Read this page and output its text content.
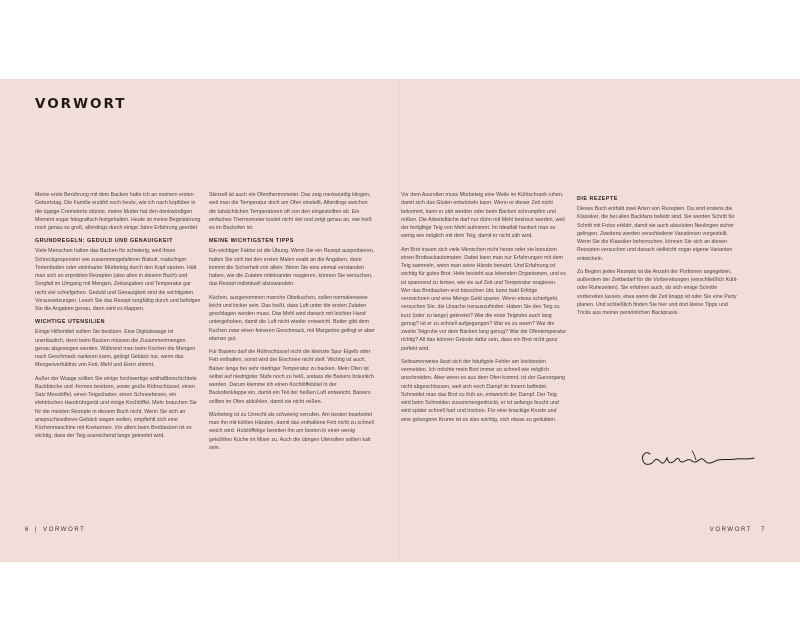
VORWORT

Meine erste Berührung mit dem Backen hatte ich an meinem ersten Geburtstag. Die Familie erzählt noch heute, wie ich nach kopfüber in die üppige Cremetorte stürzte, meine Mutter hat den denkwürdigen Moment sogar fotografisch festgehalten. Heute ist meine Begeisterung noch genau so groß, allerdings durch einige Jahre Erfahrung geerdet.

GRUNDREGELN: GEDULD UND GENAUIGKEIT

Viele Menschen halten das Backen für schwierig, weil ihnen Schreckgespenster wie zusammengefallener Biskuit, matschiger Tortenboden oder steinharter Mürbeteig durch den Kopf spuken. Hält man sich an erprobten Rezepten (also allen in diesem Buch) und Sorgfalt im Umgang mit Mengen, Zeitangaben und Temperatur gar nicht viel schiefgehen. Geduld und Genauigkeit sind die wichtigsten Voraussetzungen. Leseh Sie das Rezept sorgfältig durch und befolgen Sie die Angaben genau, dann wird es klappen.

WICHTIGE UTENSILIEN

Einige Hilfsmittel sollten Sie besitzen. Eine Digitalwaage ist unerlässlich, denn beim Backen müssen die Zusammenmengen genau abgewogen werden. Während man beim Kochen die Mengen nach Geschmack variieren kann, gelingt Gebäck nur, wenn das Mengenverhältnis von Fett, Mehl und Eiern stimmt.

Außer der Waage sollten Sie einige hochwertige antihaftbeschichtete Backbleche und -formen besitzen, sowie große Rührschüssel, einen Satz Messlöffel, einen Teigschaber, einen Schneebesen, ein elektrisches Handrührgerät und einige Kochlöffel. Mehr brauchen Sie für die meisten Rezepte in diesem Buch nicht. Wenn Sie sich an anspruchsvolleres Gebäck wagen wollen, empfiehlt sich eine Küchenmaschine mit Knetarmen. Vor allem beim Brotbacken ist es wichtig, dass der Teig ausreichend lange geknetet wird.

Skinzell ist auch ein Ofenthermometer. Das zeig merkwürdig klingen, weil man die Temperatur doch am Ofen einstellt. Allerdings weichen die tatsächlichen Temperaturen oft von den eingestellten ab. Ein einfaches Thermometer kostet nicht viel und zeigt genau an, wie heiß es im Backofen ist.

MEINE WICHTIGSTEN TIPPS

Ein wichtiger Faktor ist die Übung. Wenn Sie ein Rezept ausprobieren, halten Sie sich bei den ersten Malen exakt an die Angaben, dann kommt die Sicherheit von allein. Wenn Sie eins einmal verstanden haben, wie die Zutaten miteinander reagieren, können Sie versuchen, das Rezept individuell abzuwandeln.

Küchen, ausgenommen manche Obstkuchen, sollen normalerweise leicht und locker sein. Das heißt, dass Luft unter die ersten Zutaten geschlagen werden muss. Das Mehl wird danach mit leichter Hand untergehoben, damit die Luft nicht wieder entweicht. Butter gibt dem Kuchen zwar einen feineren Geschmack, mit Margarine gelingt er aber ebenso gut.

Für Basiers darf die Rührschüssel nicht die kleinste Spur Eigelb oder Fett enthalten, sonst wird der Eischnee nicht steif. Wichtig ist auch, Baiser lange bei sehr niedriger Temperatur zu backen. Mein Ofen ist selbst auf niedrigster Stufe noch zu heiß, sodass die Baisers bräunlich werden. Darum klemme ich einen Kochlöffelstiel in der Backofenklappe ein, damit ein Teil der heißen Luft entweicht. Baisers sollten im Ofen abkühlen, damit sie nicht reißen.

Mürbeteig ist zu Unrecht als schwierig verrufen. Am besten bearbeitet man ihn mit kühlen Händen, damit das enthaltene Fett nicht zu schnell weich wird. Holzlöffelige bereiten ihn am besten in einer wenig gekühlten Küche im Mixer zu. Auch die übrigen Utensilien sollten kalt sein.

Vor dem Ausrollen muss Mürbeteig eine Weile im Kühlschrank ruhen, damit sich das Gluten entwickeln kann. Wenn er dieser Zeit nicht bekommt, kann er zäh werden oder beim Backen schrumpfen und reißen. Die Arbeitsfläche darf nur dünn mit Mehl bestreut werden, weil der fertigfiige Teig von Mehl aufnimmt. Im Idealfall hantiert man so wenig wie möglich mit dem Teig, damit er nicht zäh wird.

Am Brot trauen sich viele Menschen nicht heran oder sie benutzen einen Brotbackautomaten. Dabei kann man nur Erfahrungen mit dem Teig sammeln, wenn man seine Hände benutzt. Und Erfahrung ist wichtig für gutes Brot. Hefe besteht aus lebenden Organismen, und es ist spannend zu lernen, wie sie auf Zeit und Temperatur reagieren. Wer das Brotbacken erst bissschen übt, kann bald Erfolge verzeichnen und eine Menge Geld sparen. Wenn etwas schiefgeht, versuchen Sie, die Ursache herauszufinden: Haben Sie den Teig zu kurz (oder zu lange) geknetet? War die erste Teigruhe auch lang genug? Ist er zu schnell aufgegangen? War es zu warm? War die zweite Teigruhe vor dem Backen lang genug? War die Ofentemperatur richtig? All das können Gründe dafür sein, dass ein Brot nicht ganz perfekt wird.

Seltsamerweise lässt sich der häufigste Fehler am leichtesten vermeiden. Ich möchte mein Brot immer so schnell wie möglich anschneiden. Aber wenn es aus dem Ofen kommt, ist der Garvorgang nicht abgeschlossen, weil sich noch Dampf im Innern befindet. Schneidet man das Brot zu früh an, entweicht der Dampf. Der Teig wird beim Schneiden zusammengedrückt, er ist anfangs feucht und wird später schnell hart und trocken. Für eine knackige Kruste und eine gelungene Krume ist es also wichtig, sich etwas zu gedulden.

DIE REZEPTE

Dieses Buch enthält zwei Arten von Rezepten. Da sind erstens die Klassiker, die bei allen Backfans beliebt sind. Sie werden Schritt für Schritt mit Fotos erklärt, damit sie auch absoluten Neulingen sicher gelingen. Zweitens werden verschiedene Variationen vorgestellt. Wenn Sie die Klassiker beherrschen, können Sie sich an diesen Rezepten versuchen und danach vielleicht sogar eigene Varianten entwickeln.

Zu Beginn jedes Rezepts ist die Anzahl der Portionen angegeben, außerdem der Zeitbedarf für die Vorbereitungen (einschließlich Kühl- oder Ruhezeiten). Sie erfahren auch, ob sich einige Schritte vorbereiten lassen, etwa wenn die Zeit knapp ist oder Sie eine Party planen. Und schließlich finden Sie hier und dort kleine Tipps und Tricks aus meiner persönlichen Backpraxis.

6 | VORWORT	VORWORT 7
